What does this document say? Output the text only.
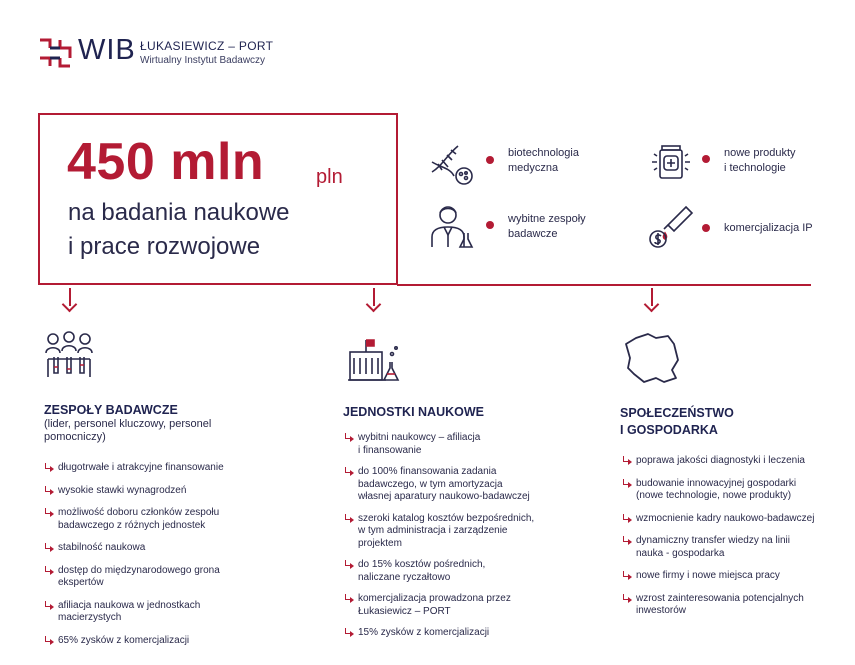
WIB ŁUKASIEWICZ – PORT
Wirtualny Instytut Badawczy
450 mln	pln
na badania naukowe
i prace rozwojowe
biotechnologia
medyczna
wybitne zespoły
badawcze
nowe produkty
i technologie
komercjalizacja IP
ZESPOŁY BADAWCZE
(lider, personel kluczowy, personel
pomocniczy)
długotrwałe i atrakcyjne finansowanie
wysokie stawki wynagrodzeń
możliwość doboru członków zespołu
badawczego z różnych jednostek
stabilność naukowa
dostęp do międzynarodowego grona
ekspertów
afiliacja naukowa w jednostkach
macierzystych
65% zysków z komercjalizacji
JEDNOSTKI NAUKOWE
wybitni naukowcy – afiliacja
i finansowanie
do 100% finansowania zadania
badawczego, w tym amortyzacja
własnej aparatury naukowo-badawczej
szeroki katalog kosztów bezpośrednich,
w tym administracja i zarządzenie
projektem
do 15% kosztów pośrednich,
naliczane ryczałtowo
komercjalizacja prowadzona przez
Łukasiewicz – PORT
15% zysków z komercjalizacji
SPOŁECZEŃSTWO
I GOSPODARKA
poprawa jakości diagnostyki i leczenia
budowanie innowacyjnej gospodarki
(nowe technologie, nowe produkty)
wzmocnienie kadry naukowo-badawczej
dynamiczny transfer wiedzy na linii
nauka - gospodarka
nowe firmy i nowe miejsca pracy
wzrost zainteresowania potencjalnych
inwestorów
